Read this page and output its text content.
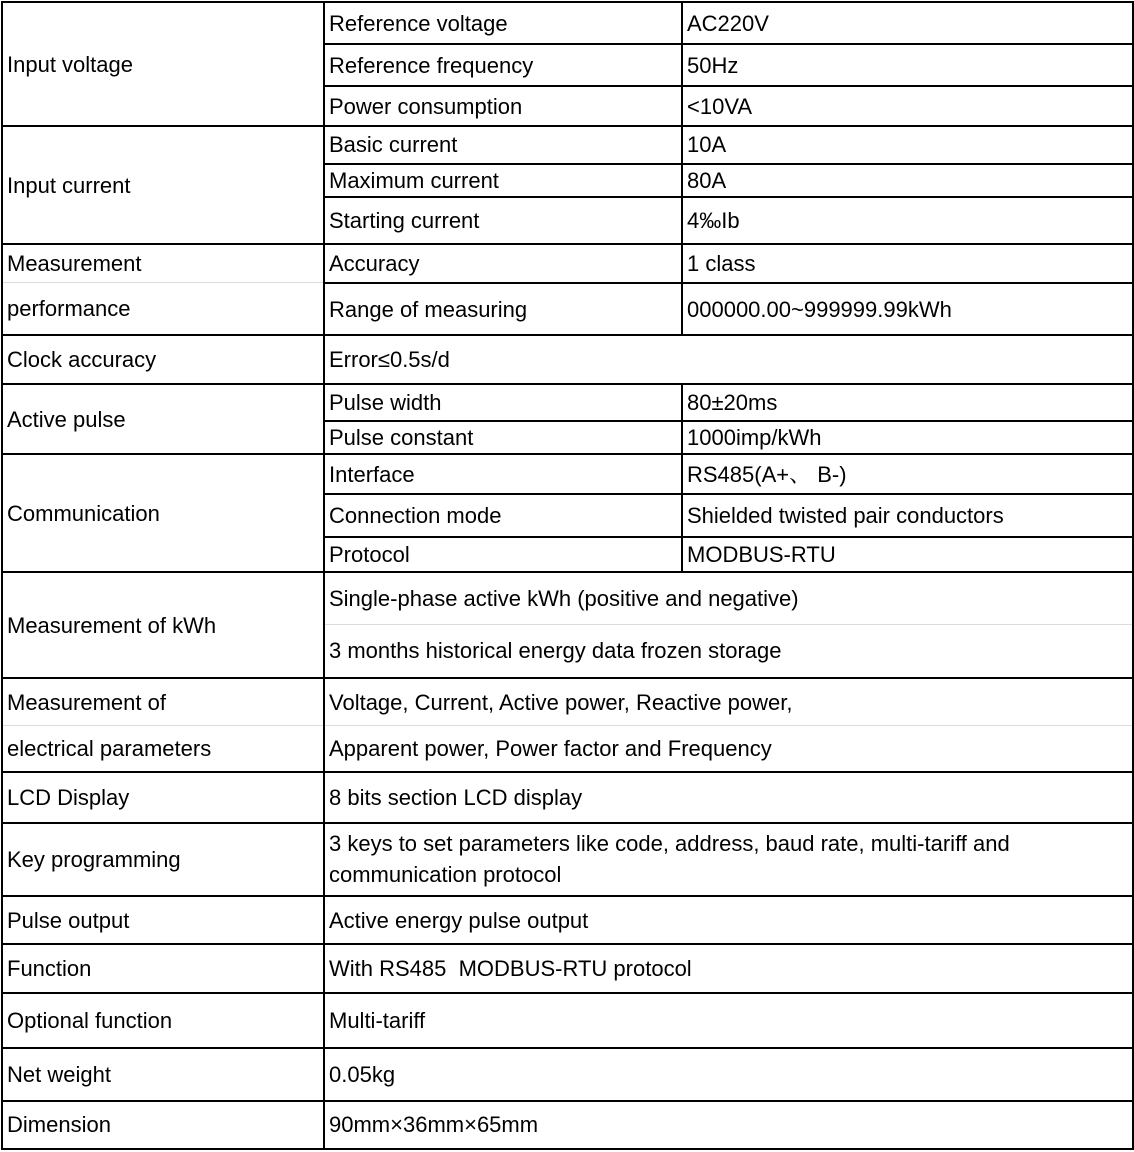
Input voltage	Reference voltage	AC220V
	Reference frequency	50Hz
	Power consumption	<10VA
Input current	Basic current	10A
	Maximum current	80A
	Starting current	4‰Ib
Measurement	Accuracy	1 class
performance	Range of measuring	000000.00~999999.99kWh
Clock accuracy	Error≤0.5s/d	
Active pulse	Pulse width	80±20ms
	Pulse constant	1000imp/kWh
Communication	Interface	RS485(A+、 B-)
	Connection mode	Shielded twisted pair conductors
	Protocol	MODBUS-RTU
Measurement of kWh	Single-phase active kWh (positive and negative)	
	3 months historical energy data frozen storage	
Measurement of	Voltage, Current, Active power, Reactive power,	
electrical parameters	Apparent power, Power factor and Frequency	
LCD Display	8 bits section LCD display	
Key programming	3 keys to set parameters like code, address, baud rate, multi-tariff and communication protocol	
Pulse output	Active energy pulse output	
Function	With RS485  MODBUS-RTU protocol	
Optional function	Multi-tariff	
Net weight	0.05kg	
Dimension	90mm×36mm×65mm	
